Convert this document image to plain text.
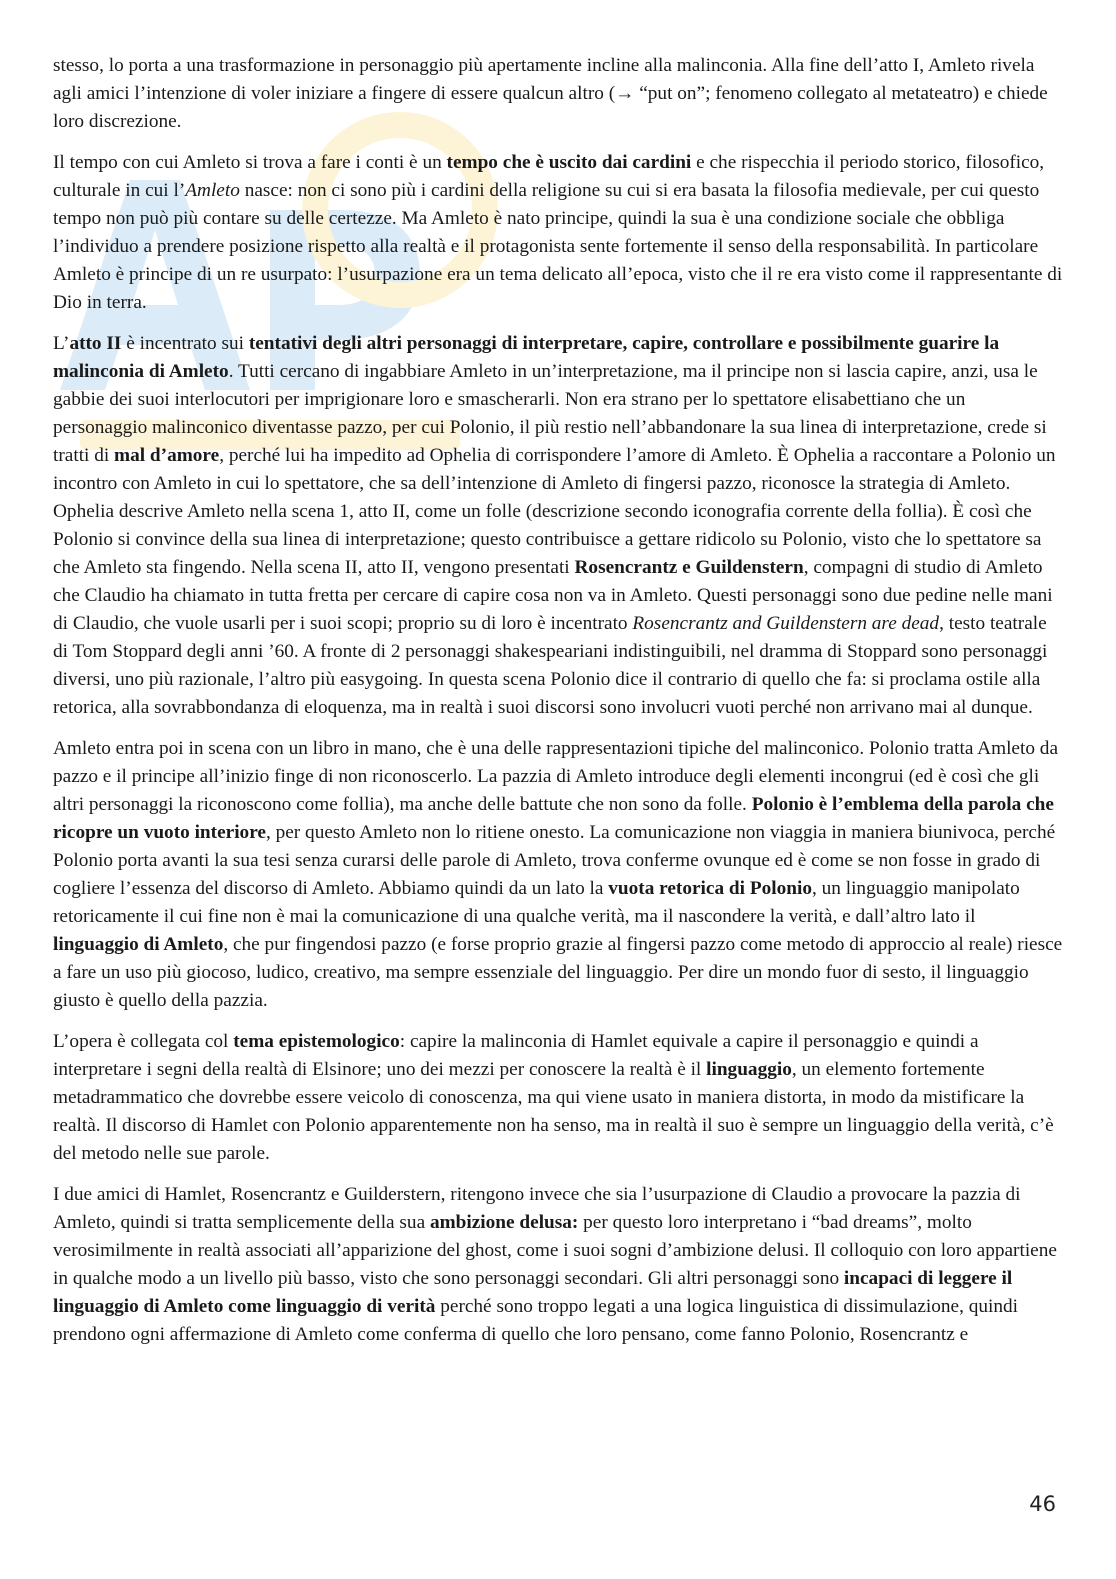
stesso, lo porta a una trasformazione in personaggio più apertamente incline alla malinconia. Alla fine dell’atto I, Amleto rivela agli amici l’intenzione di voler iniziare a fingere di essere qualcun altro (→ “put on”; fenomeno collegato al metateatro) e chiede loro discrezione.

Il tempo con cui Amleto si trova a fare i conti è un tempo che è uscito dai cardini e che rispecchia il periodo storico, filosofico, culturale in cui l’Amleto nasce: non ci sono più i cardini della religione su cui si era basata la filosofia medievale, per cui questo tempo non può più contare su delle certezze. Ma Amleto è nato principe, quindi la sua è una condizione sociale che obbliga l’individuo a prendere posizione rispetto alla realtà e il protagonista sente fortemente il senso della responsabilità. In particolare Amleto è principe di un re usurpato: l’usurpazione era un tema delicato all’epoca, visto che il re era visto come il rappresentante di Dio in terra.

L’atto II è incentrato sui tentativi degli altri personaggi di interpretare, capire, controllare e possibilmente guarire la malinconia di Amleto. Tutti cercano di ingabbiare Amleto in un’interpretazione, ma il principe non si lascia capire, anzi, usa le gabbie dei suoi interlocutori per imprigionare loro e smascherarli. Non era strano per lo spettatore elisabettiano che un personaggio malinconico diventasse pazzo, per cui Polonio, il più restio nell’abbandonare la sua linea di interpretazione, crede si tratti di mal d’amore, perché lui ha impedito ad Ophelia di corrispondere l’amore di Amleto. È Ophelia a raccontare a Polonio un incontro con Amleto in cui lo spettatore, che sa dell’intenzione di Amleto di fingersi pazzo, riconosce la strategia di Amleto. Ophelia descrive Amleto nella scena 1, atto II, come un folle (descrizione secondo iconografia corrente della follia). È così che Polonio si convince della sua linea di interpretazione; questo contribuisce a gettare ridicolo su Polonio, visto che lo spettatore sa che Amleto sta fingendo. Nella scena II, atto II, vengono presentati Rosencrantz e Guildenstern, compagni di studio di Amleto che Claudio ha chiamato in tutta fretta per cercare di capire cosa non va in Amleto. Questi personaggi sono due pedine nelle mani di Claudio, che vuole usarli per i suoi scopi; proprio su di loro è incentrato Rosencrantz and Guildenstern are dead, testo teatrale di Tom Stoppard degli anni ’60. A fronte di 2 personaggi shakespeariani indistinguibili, nel dramma di Stoppard sono personaggi diversi, uno più razionale, l’altro più easygoing. In questa scena Polonio dice il contrario di quello che fa: si proclama ostile alla retorica, alla sovrabbondanza di eloquenza, ma in realtà i suoi discorsi sono involucri vuoti perché non arrivano mai al dunque.

Amleto entra poi in scena con un libro in mano, che è una delle rappresentazioni tipiche del malinconico. Polonio tratta Amleto da pazzo e il principe all’inizio finge di non riconoscerlo. La pazzia di Amleto introduce degli elementi incongrui (ed è così che gli altri personaggi la riconoscono come follia), ma anche delle battute che non sono da folle. Polonio è l’emblema della parola che ricopre un vuoto interiore, per questo Amleto non lo ritiene onesto. La comunicazione non viaggia in maniera biunivoca, perché Polonio porta avanti la sua tesi senza curarsi delle parole di Amleto, trova conferme ovunque ed è come se non fosse in grado di cogliere l’essenza del discorso di Amleto. Abbiamo quindi da un lato la vuota retorica di Polonio, un linguaggio manipolato retoricamente il cui fine non è mai la comunicazione di una qualche verità, ma il nascondere la verità, e dall’altro lato il linguaggio di Amleto, che pur fingendosi pazzo (e forse proprio grazie al fingersi pazzo come metodo di approccio al reale) riesce a fare un uso più giocoso, ludico, creativo, ma sempre essenziale del linguaggio. Per dire un mondo fuor di sesto, il linguaggio giusto è quello della pazzia.

L’opera è collegata col tema epistemologico: capire la malinconia di Hamlet equivale a capire il personaggio e quindi a interpretare i segni della realtà di Elsinore; uno dei mezzi per conoscere la realtà è il linguaggio, un elemento fortemente metadrammatico che dovrebbe essere veicolo di conoscenza, ma qui viene usato in maniera distorta, in modo da mistificare la realtà. Il discorso di Hamlet con Polonio apparentemente non ha senso, ma in realtà il suo è sempre un linguaggio della verità, c’è del metodo nelle sue parole.

I due amici di Hamlet, Rosencrantz e Guilderstern, ritengono invece che sia l’usurpazione di Claudio a provocare la pazzia di Amleto, quindi si tratta semplicemente della sua ambizione delusa: per questo loro interpretano i “bad dreams”, molto verosimilmente in realtà associati all’apparizione del ghost, come i suoi sogni d’ambizione delusi. Il colloquio con loro appartiene in qualche modo a un livello più basso, visto che sono personaggi secondari. Gli altri personaggi sono incapaci di leggere il linguaggio di Amleto come linguaggio di verità perché sono troppo legati a una logica linguistica di dissimulazione, quindi prendono ogni affermazione di Amleto come conferma di quello che loro pensano, come fanno Polonio, Rosencrantz e

46
